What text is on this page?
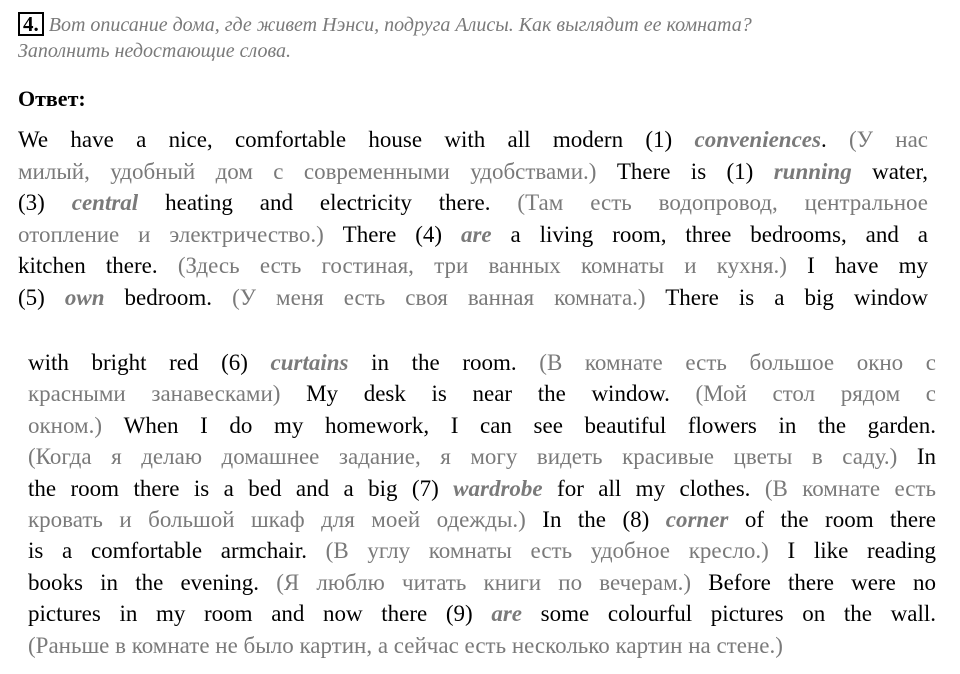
4. Вот описание дома, где живет Нэнси, подруга Алисы. Как выглядит ее комната?
Заполнить недостающие слова.
Ответ:
We have a nice, comfortable house with all modern (1) conveniences. (У нас
милый, удобный дом с современными удобствами.) There is (1) running water,
(3) central heating and electricity there. (Там есть водопровод, центральное
отопление и электричество.) There (4) are a living room, three bedrooms, and a
kitchen there. (Здесь есть гостиная, три ванных комнаты и кухня.) I have my
(5) own bedroom. (У меня есть своя ванная комната.) There is a big window
with bright red (6) curtains in the room. (В комнате есть большое окно с
красными занавесками) My desk is near the window. (Мой стол рядом с
окном.) When I do my homework, I can see beautiful flowers in the garden.
(Когда я делаю домашнее задание, я могу видеть красивые цветы в саду.) In
the room there is a bed and a big (7) wardrobe for all my clothes. (В комнате есть
кровать и большой шкаф для моей одежды.) In the (8) corner of the room there
is a comfortable armchair. (В углу комнаты есть удобное кресло.) I like reading
books in the evening. (Я люблю читать книги по вечерам.) Before there were no
pictures in my room and now there (9) are some colourful pictures on the wall.
(Раньше в комнате не было картин, а сейчас есть несколько картин на стене.)
